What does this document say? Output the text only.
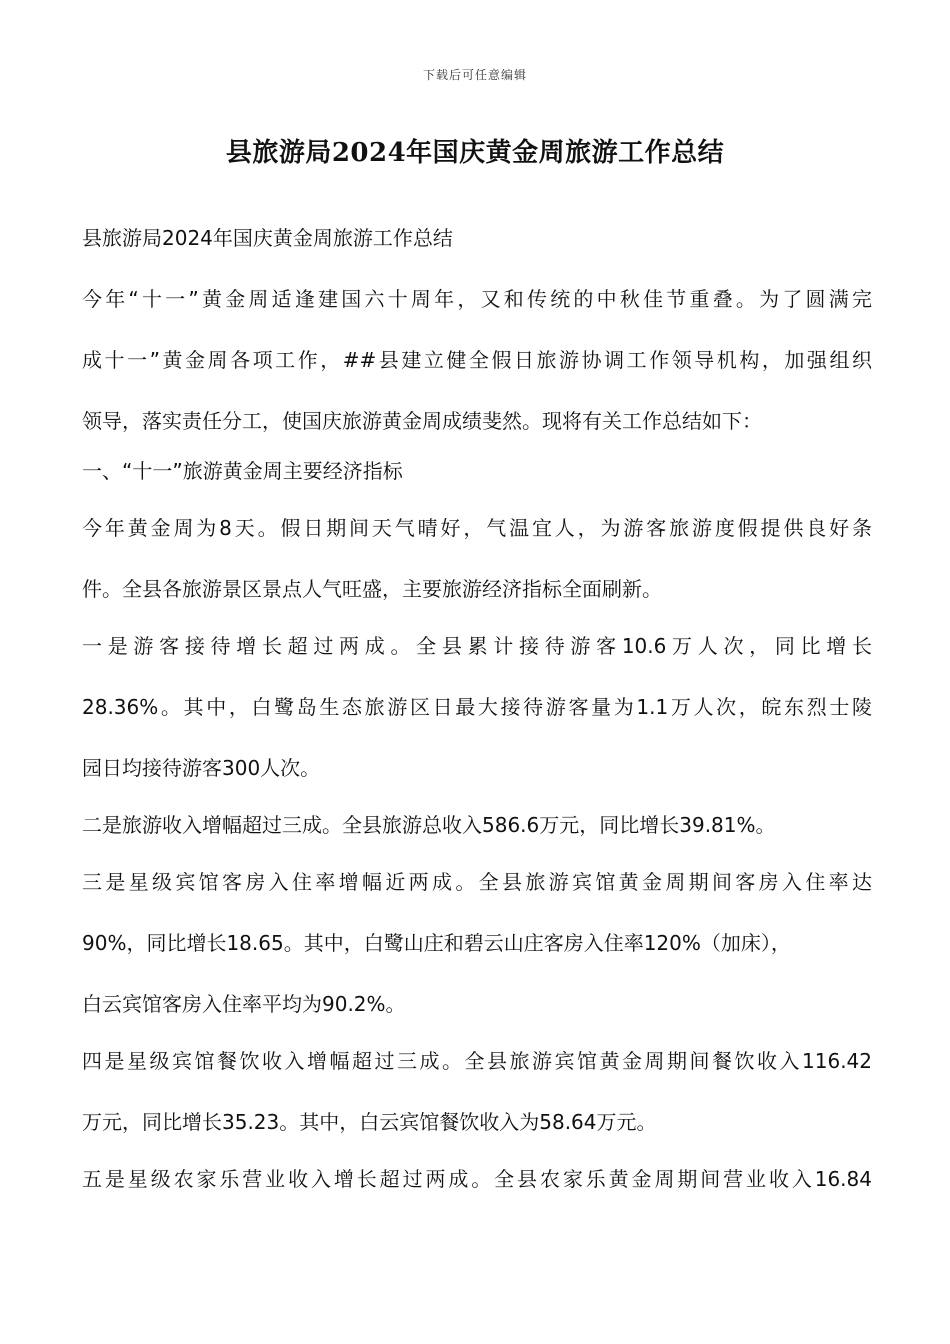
下载后可任意编辑
县旅游局2024年国庆黄金周旅游工作总结
县旅游局2024年国庆黄金周旅游工作总结
今年“十一”黄金周适逢建国六十周年，又和传统的中秋佳节重叠。为了圆满完
成十一”黄金周各项工作，##县建立健全假日旅游协调工作领导机构，加强组织
领导，落实责任分工，使国庆旅游黄金周成绩斐然。现将有关工作总结如下：
一、“十一”旅游黄金周主要经济指标
今年黄金周为8天。假日期间天气晴好，气温宜人，为游客旅游度假提供良好条
件。全县各旅游景区景点人气旺盛，主要旅游经济指标全面刷新。
一是游客接待增长超过两成。全县累计接待游客10.6万人次，同比增长
28.36%。其中，白鹭岛生态旅游区日最大接待游客量为1.1万人次，皖东烈士陵
园日均接待游客300人次。
二是旅游收入增幅超过三成。全县旅游总收入586.6万元，同比增长39.81%。
三是星级宾馆客房入住率增幅近两成。全县旅游宾馆黄金周期间客房入住率达
90%，同比增长18.65。其中，白鹭山庄和碧云山庄客房入住率120%（加床），
白云宾馆客房入住率平均为90.2%。
四是星级宾馆餐饮收入增幅超过三成。全县旅游宾馆黄金周期间餐饮收入116.42
万元，同比增长35.23。其中，白云宾馆餐饮收入为58.64万元。
五是星级农家乐营业收入增长超过两成。全县农家乐黄金周期间营业收入16.84
